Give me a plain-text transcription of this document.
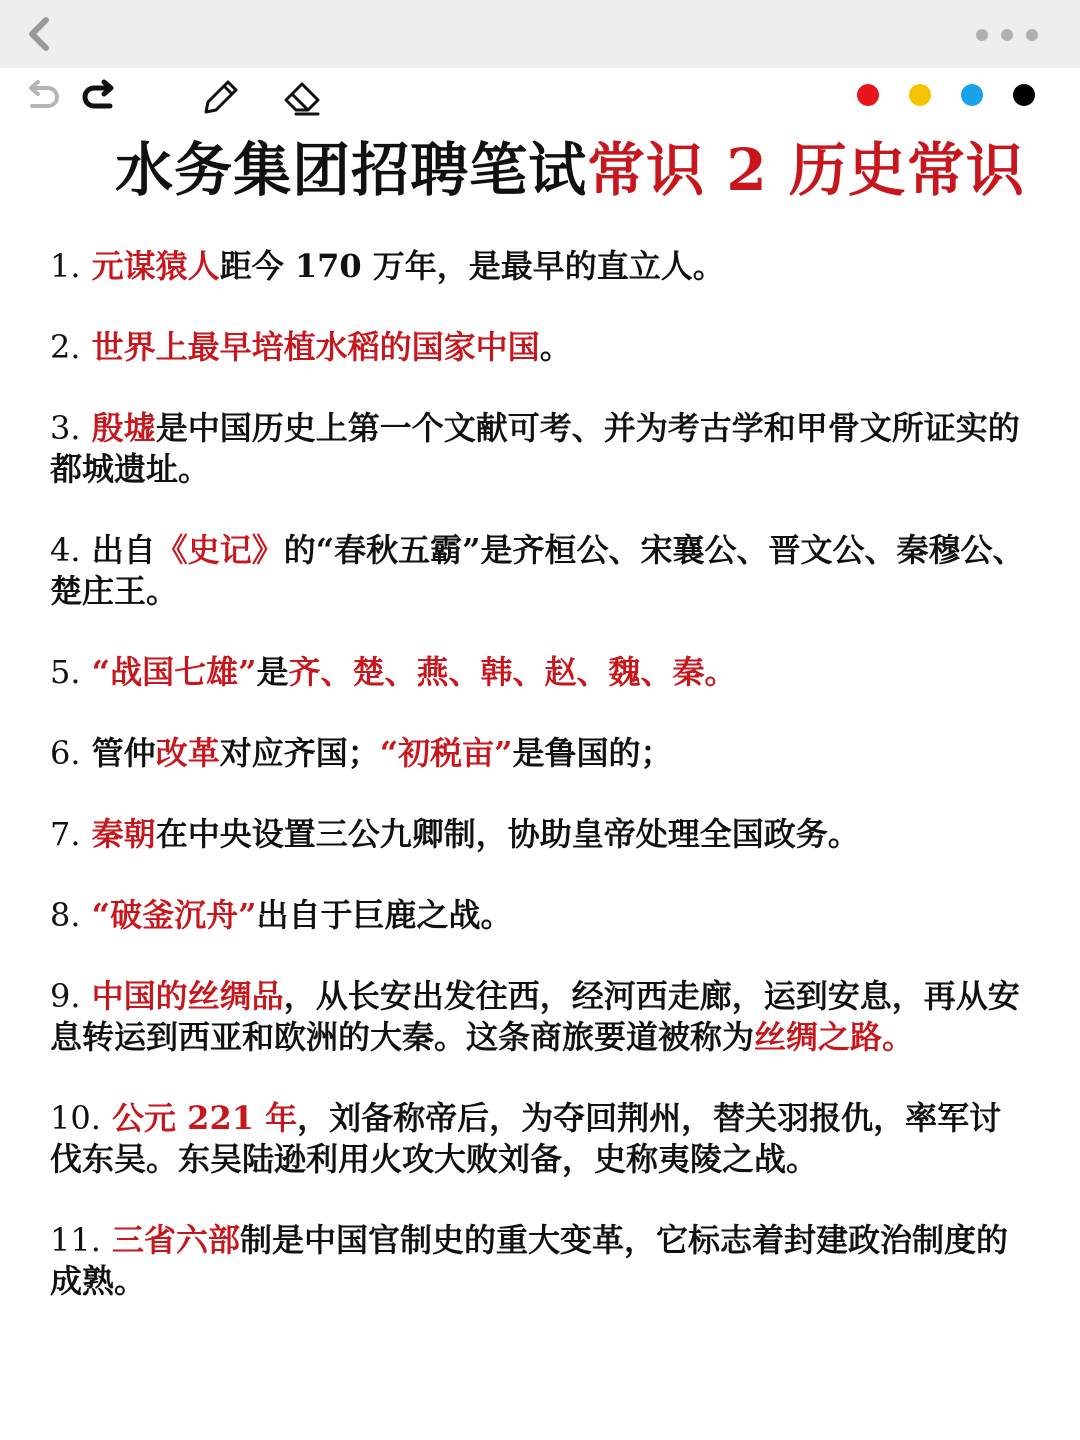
水务集团招聘笔试常识 2 历史常识
1. 元谋猿人距今 170 万年，是最早的直立人。
2. 世界上最早培植水稻的国家中国。
3. 殷墟是中国历史上第一个文献可考、并为考古学和甲骨文所证实的都城遗址。
4. 出自《史记》的“春秋五霸”是齐桓公、宋襄公、晋文公、秦穆公、楚庄王。
5. “战国七雄”是齐、楚、燕、韩、赵、魏、秦。
6. 管仲改革对应齐国；“初税亩”是鲁国的；
7. 秦朝在中央设置三公九卿制，协助皇帝处理全国政务。
8. “破釜沉舟”出自于巨鹿之战。
9. 中国的丝绸品，从长安出发往西，经河西走廊，运到安息，再从安息转运到西亚和欧洲的大秦。这条商旅要道被称为丝绸之路。
10. 公元 221 年，刘备称帝后，为夺回荆州，替关羽报仇，率军讨伐东吴。东吴陆逊利用火攻大败刘备，史称夷陵之战。
11. 三省六部制是中国官制史的重大变革，它标志着封建政治制度的成熟。
